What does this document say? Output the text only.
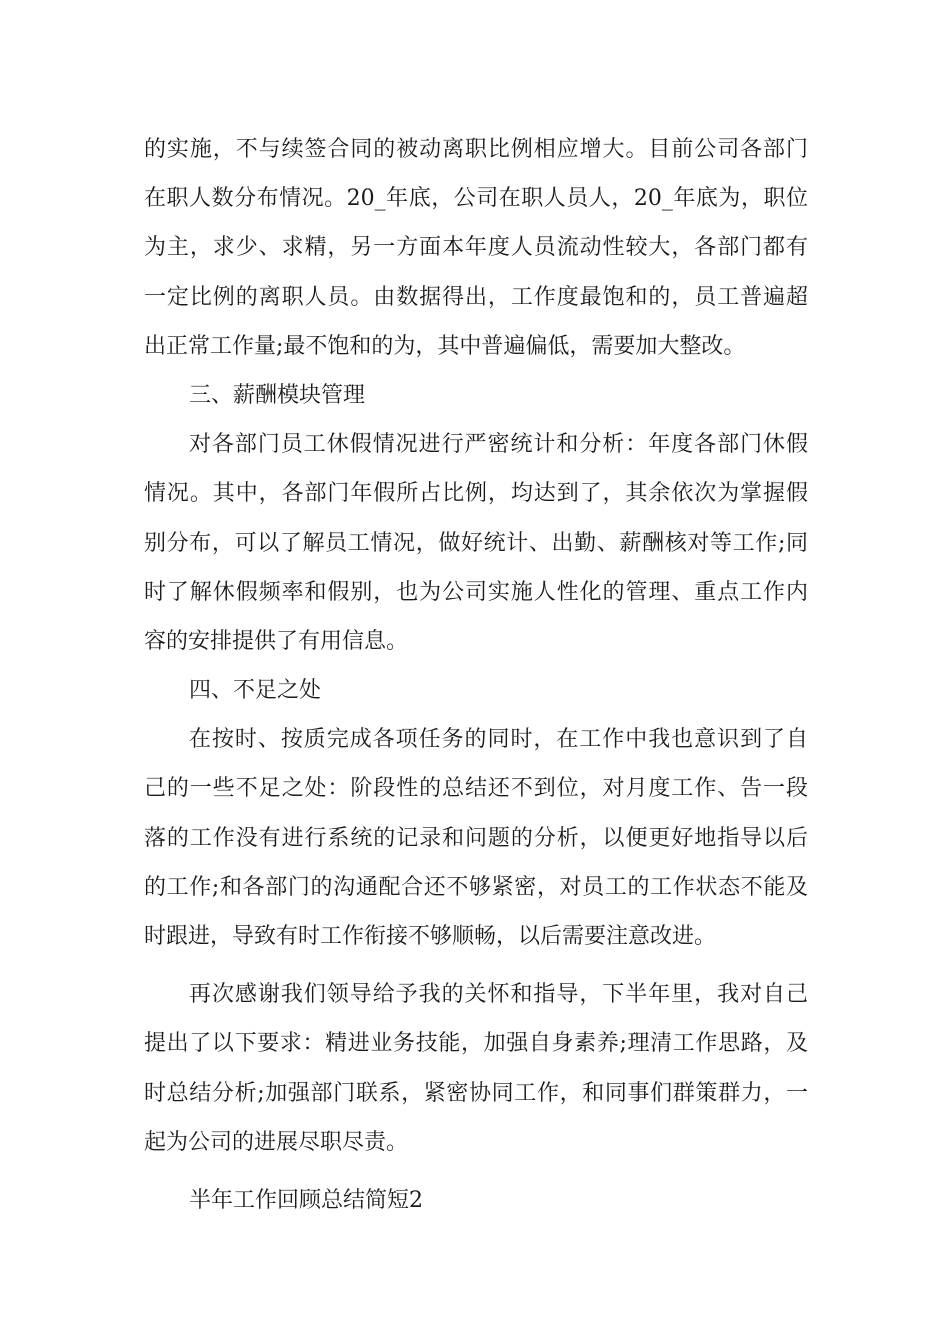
的实施，不与续签合同的被动离职比例相应增大。目前公司各部门
在职人数分布情况。20_年底，公司在职人员人，20_年底为，职位
为主，求少、求精，另一方面本年度人员流动性较大，各部门都有
一定比例的离职人员。由数据得出，工作度最饱和的，员工普遍超
出正常工作量;最不饱和的为，其中普遍偏低，需要加大整改。
三、薪酬模块管理
对各部门员工休假情况进行严密统计和分析：年度各部门休假
情况。其中，各部门年假所占比例，均达到了，其余依次为掌握假
别分布，可以了解员工情况，做好统计、出勤、薪酬核对等工作;同
时了解休假频率和假别，也为公司实施人性化的管理、重点工作内
容的安排提供了有用信息。
四、不足之处
在按时、按质完成各项任务的同时，在工作中我也意识到了自
己的一些不足之处：阶段性的总结还不到位，对月度工作、告一段
落的工作没有进行系统的记录和问题的分析，以便更好地指导以后
的工作;和各部门的沟通配合还不够紧密，对员工的工作状态不能及
时跟进，导致有时工作衔接不够顺畅，以后需要注意改进。
再次感谢我们领导给予我的关怀和指导，下半年里，我对自己
提出了以下要求：精进业务技能，加强自身素养;理清工作思路，及
时总结分析;加强部门联系，紧密协同工作，和同事们群策群力，一
起为公司的进展尽职尽责。
半年工作回顾总结简短2
